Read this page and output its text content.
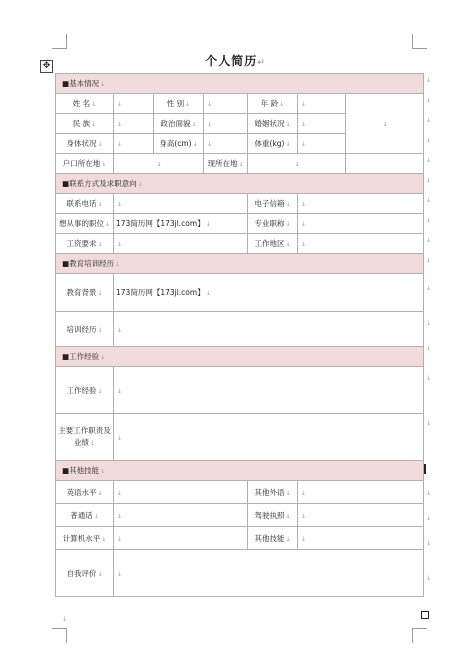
个人简历↵
✥
■基本情况↓						
姓 名↓	↓	性 别↓	↓	年 龄↓	↓	↓
民 族↓	↓	政治面貌↓	↓	婚姻状况↓	↓	
身体状况↓	↓	身高(cm)↓	↓	体重(kg)↓	↓	
户口所在地↓	↓		现所在地↓	↓		
■联系方式及求职意向↓						
联系电话↓	↓			电子信箱↓	↓	
想从事的职位↓	173简历网【173jl.com】↓			专业职称↓	↓	
工资要求↓	↓			工作地区↓	↓	
■教育培训经历↓						
教育背景↓	173简历网【173jl.com】↓					
培训经历↓	↓					
■工作经验↓						
工作经验↓	↓					
主要工作职责及业绩↓	↓					
■其他技能↓						
英语水平↓	↓			其他外语↓	↓	
普通话↓	↓			驾驶执照↓	↓	
计算机水平↓	↓			其他技能↓	↓	
自我评价↓	↓					
↓
↓
↓
↓
↓
↓
↓
↓
↓
↓
↓
↓
↓
↓
↓
↓
↓
↓
↓
↓
